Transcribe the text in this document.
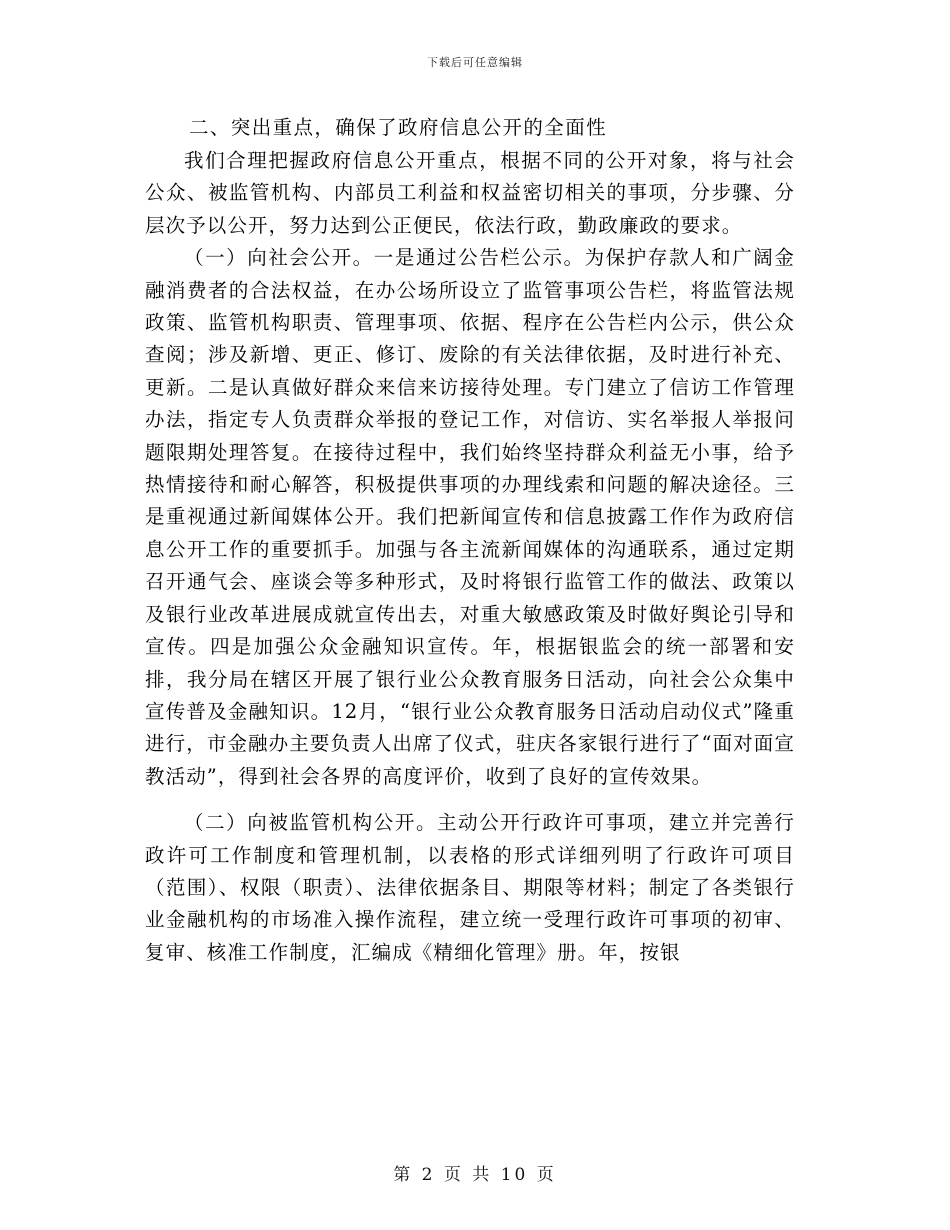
下载后可任意编辑
二、突出重点，确保了政府信息公开的全面性

我们合理把握政府信息公开重点，根据不同的公开对象，将与社会公众、被监管机构、内部员工利益和权益密切相关的事项，分步骤、分层次予以公开，努力达到公正便民，依法行政，勤政廉政的要求。

（一）向社会公开。一是通过公告栏公示。为保护存款人和广阔金融消费者的合法权益，在办公场所设立了监管事项公告栏，将监管法规政策、监管机构职责、管理事项、依据、程序在公告栏内公示，供公众查阅；涉及新增、更正、修订、废除的有关法律依据，及时进行补充、更新。二是认真做好群众来信来访接待处理。专门建立了信访工作管理办法，指定专人负责群众举报的登记工作，对信访、实名举报人举报问题限期处理答复。在接待过程中，我们始终坚持群众利益无小事，给予热情接待和耐心解答，积极提供事项的办理线索和问题的解决途径。三是重视通过新闻媒体公开。我们把新闻宣传和信息披露工作作为政府信息公开工作的重要抓手。加强与各主流新闻媒体的沟通联系，通过定期召开通气会、座谈会等多种形式，及时将银行监管工作的做法、政策以及银行业改革进展成就宣传出去，对重大敏感政策及时做好舆论引导和宣传。四是加强公众金融知识宣传。年，根据银监会的统一部署和安排，我分局在辖区开展了银行业公众教育服务日活动，向社会公众集中宣传普及金融知识。12月，“银行业公众教育服务日活动启动仪式”隆重进行，市金融办主要负责人出席了仪式，驻庆各家银行进行了“面对面宣教活动”，得到社会各界的高度评价，收到了良好的宣传效果。

（二）向被监管机构公开。主动公开行政许可事项，建立并完善行政许可工作制度和管理机制，以表格的形式详细列明了行政许可项目（范围）、权限（职责）、法律依据条目、期限等材料；制定了各类银行业金融机构的市场准入操作流程，建立统一受理行政许可事项的初审、复审、核准工作制度，汇编成《精细化管理》册。年，按银

第 2 页 共 10 页
